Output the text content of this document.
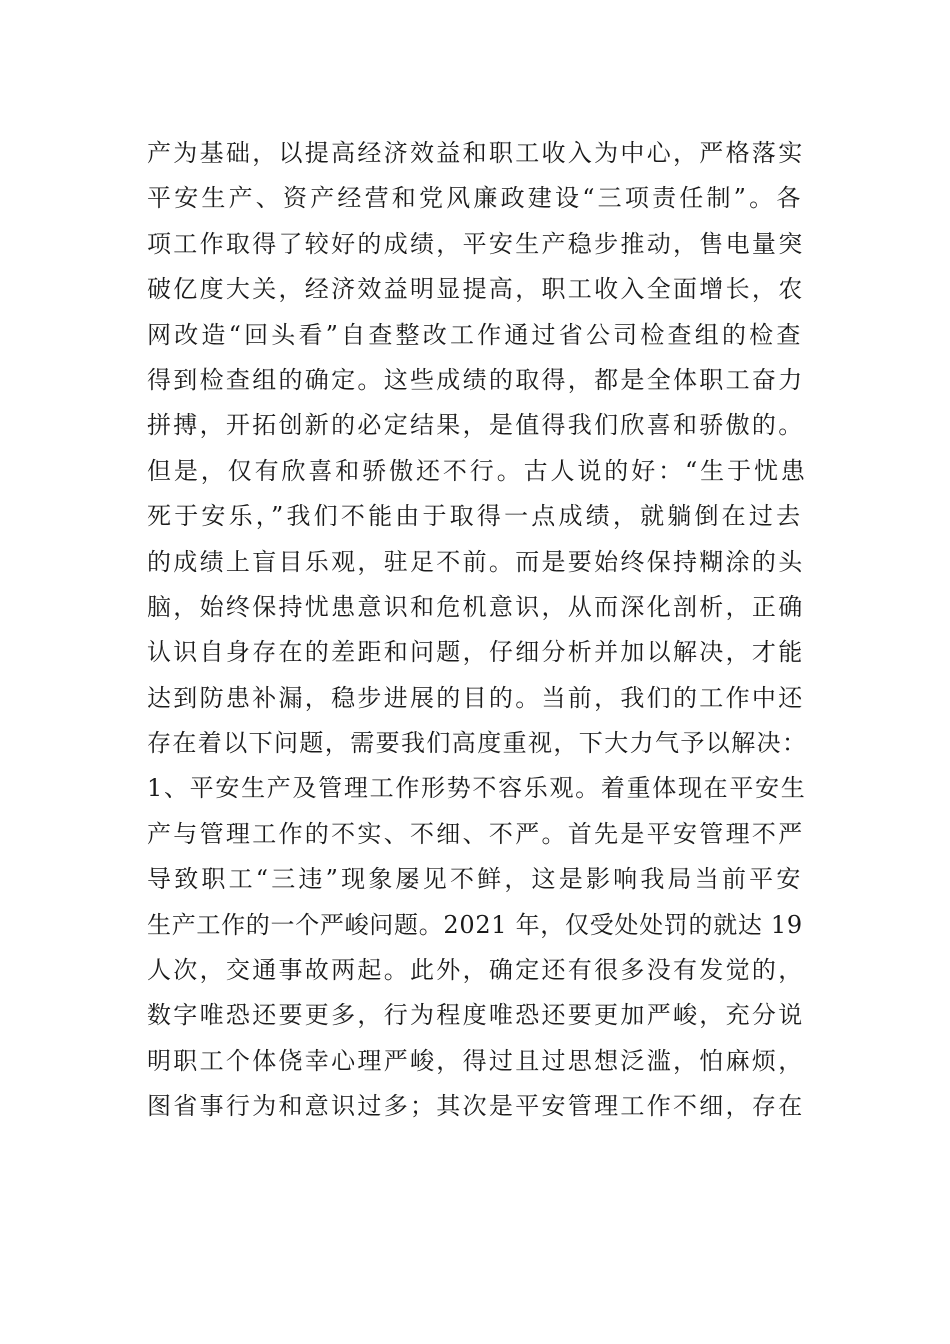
产为基础，以提高经济效益和职工收入为中心，严格落实
平安生产、资产经营和党风廉政建设“三项责任制”。各
项工作取得了较好的成绩，平安生产稳步推动，售电量突
破亿度大关，经济效益明显提高，职工收入全面增长，农
网改造“回头看”自查整改工作通过省公司检查组的检查
得到检查组的确定。这些成绩的取得，都是全体职工奋力
拼搏，开拓创新的必定结果，是值得我们欣喜和骄傲的。
但是，仅有欣喜和骄傲还不行。古人说的好：“生于忧患
死于安乐，”我们不能由于取得一点成绩，就躺倒在过去
的成绩上盲目乐观，驻足不前。而是要始终保持糊涂的头
脑，始终保持忧患意识和危机意识，从而深化剖析，正确
认识自身存在的差距和问题，仔细分析并加以解决，才能
达到防患补漏，稳步进展的目的。当前，我们的工作中还
存在着以下问题，需要我们高度重视，下大力气予以解决：
1、平安生产及管理工作形势不容乐观。着重体现在平安生
产与管理工作的不实、不细、不严。首先是平安管理不严
导致职工“三违”现象屡见不鲜，这是影响我局当前平安
生产工作的一个严峻问题。2021 年，仅受处处罚的就达 19
人次，交通事故两起。此外，确定还有很多没有发觉的，
数字唯恐还要更多，行为程度唯恐还要更加严峻，充分说
明职工个体侥幸心理严峻，得过且过思想泛滥，怕麻烦，
图省事行为和意识过多；其次是平安管理工作不细，存在
